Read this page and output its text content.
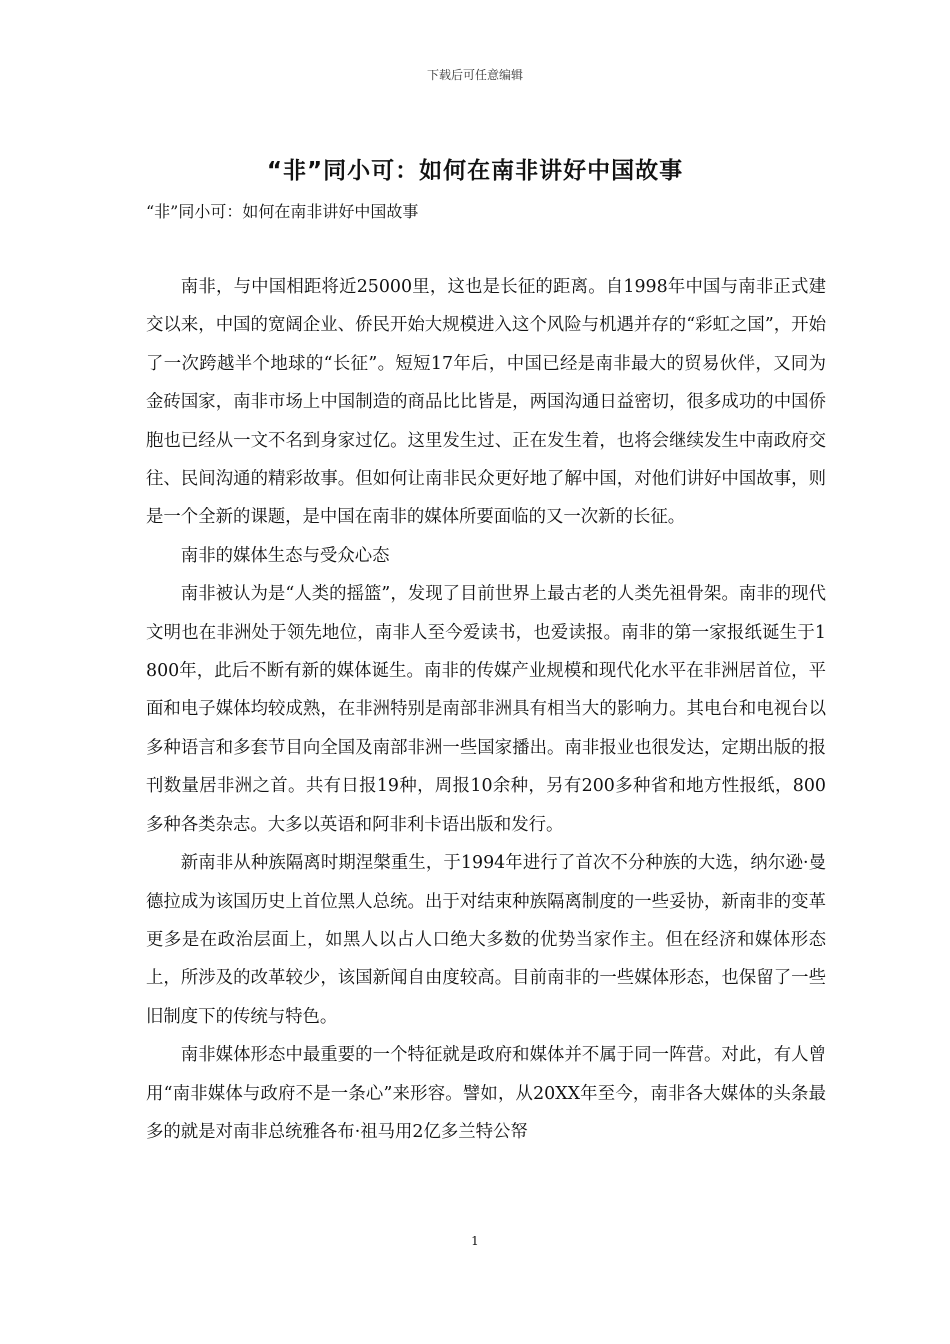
下载后可任意编辑
“非”同小可：如何在南非讲好中国故事
“非”同小可：如何在南非讲好中国故事

南非，与中国相距将近25000里，这也是长征的距离。自1998年中国与南非正式建交以来，中国的宽阔企业、侨民开始大规模进入这个风险与机遇并存的“彩虹之国”，开始了一次跨越半个地球的“长征”。短短17年后，中国已经是南非最大的贸易伙伴，又同为金砖国家，南非市场上中国制造的商品比比皆是，两国沟通日益密切，很多成功的中国侨胞也已经从一文不名到身家过亿。这里发生过、正在发生着，也将会继续发生中南政府交往、民间沟通的精彩故事。但如何让南非民众更好地了解中国，对他们讲好中国故事，则是一个全新的课题，是中国在南非的媒体所要面临的又一次新的长征。

南非的媒体生态与受众心态

南非被认为是“人类的摇篮”，发现了目前世界上最古老的人类先祖骨架。南非的现代文明也在非洲处于领先地位，南非人至今爱读书，也爱读报。南非的第一家报纸诞生于1800年，此后不断有新的媒体诞生。南非的传媒产业规模和现代化水平在非洲居首位，平面和电子媒体均较成熟，在非洲特别是南部非洲具有相当大的影响力。其电台和电视台以多种语言和多套节目向全国及南部非洲一些国家播出。南非报业也很发达，定期出版的报刊数量居非洲之首。共有日报19种，周报10余种，另有200多种省和地方性报纸，800多种各类杂志。大多以英语和阿非利卡语出版和发行。

新南非从种族隔离时期涅槃重生，于1994年进行了首次不分种族的大选，纳尔逊·曼德拉成为该国历史上首位黑人总统。出于对结束种族隔离制度的一些妥协，新南非的变革更多是在政治层面上，如黑人以占人口绝大多数的优势当家作主。但在经济和媒体形态上，所涉及的改革较少，该国新闻自由度较高。目前南非的一些媒体形态，也保留了一些旧制度下的传统与特色。

南非媒体形态中最重要的一个特征就是政府和媒体并不属于同一阵营。对此，有人曾用“南非媒体与政府不是一条心”来形容。譬如，从20XX年至今，南非各大媒体的头条最多的就是对南非总统雅各布·祖马用2亿多兰特公帑

1
